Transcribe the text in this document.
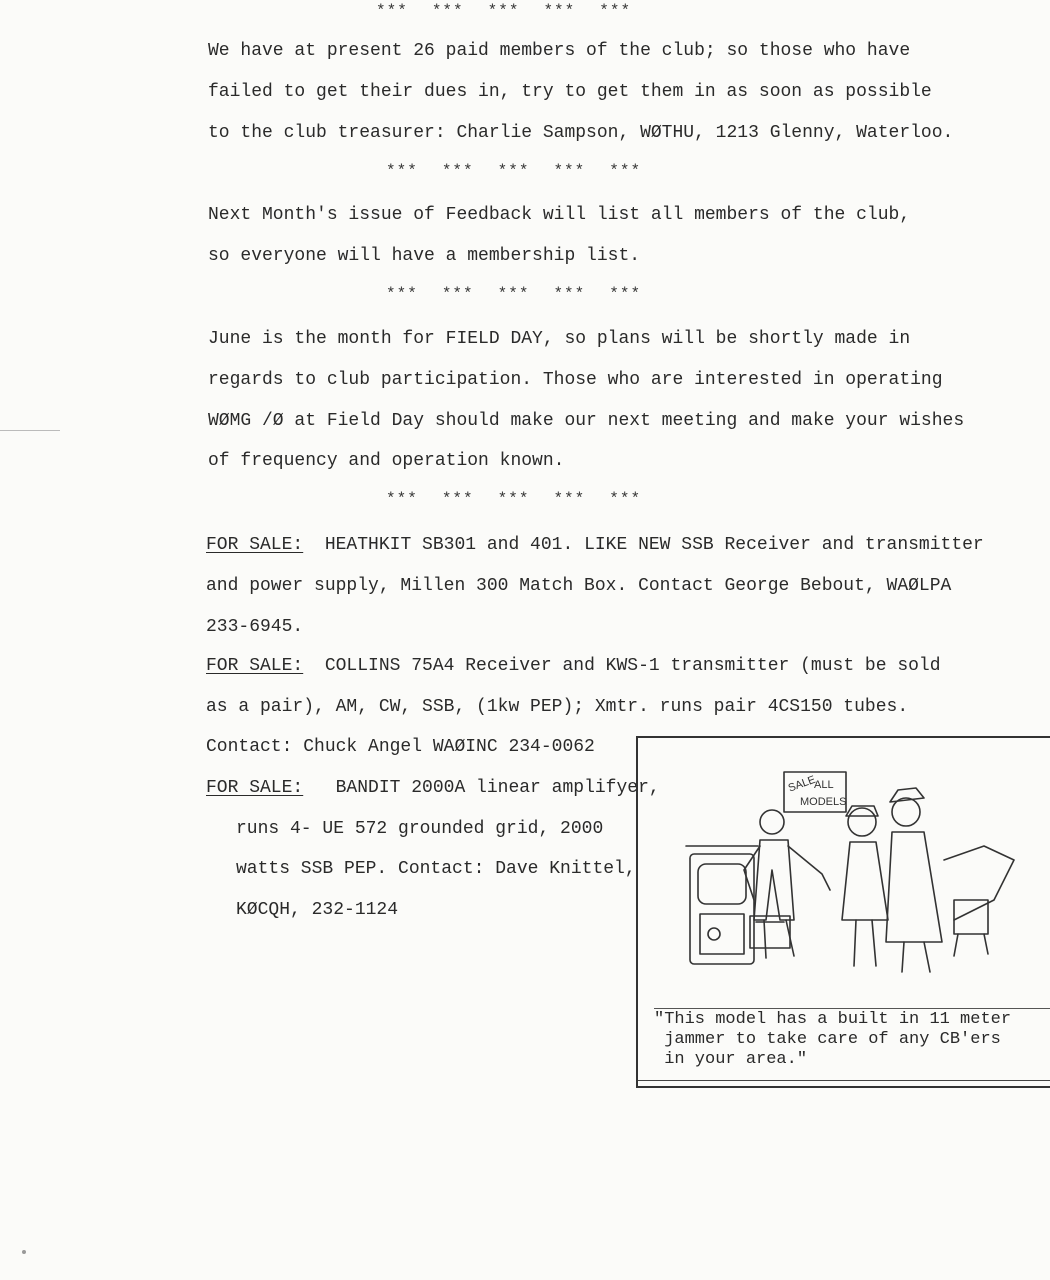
*** *** *** *** ***
We have at present 26 paid members of the club; so those who have
failed to get their dues in, try to get them in as soon as possible
to the club treasurer: Charlie Sampson, WØTHU, 1213 Glenny, Waterloo.
*** *** *** *** ***
Next Month's issue of Feedback will list all members of the club,
so everyone will have a membership list.
*** *** *** *** ***
June is the month for FIELD DAY, so plans will be shortly made in
regards to club participation. Those who are interested in operating
WØMG /Ø at Field Day should make our next meeting and make your wishes
of frequency and operation known.
*** *** *** *** ***
FOR SALE: HEATHKIT SB301 and 401. LIKE NEW SSB Receiver and transmitter
and power supply, Millen 300 Match Box. Contact George Bebout, WAØLPA
233-6945.
FOR SALE: COLLINS 75A4 Receiver and KWS-1 transmitter (must be sold
as a pair), AM, CW, SSB, (1kw PEP); Xmtr. runs pair 4CS150 tubes.
Contact: Chuck Angel WAØINC 234-0062
FOR SALE: BANDIT 2000A linear amplifyer,
runs 4- UE 572 grounded grid, 2000
watts SSB PEP. Contact: Dave Knittel,
KØCQH, 232-1124
SALE
ALL
MODELS
"This model has a built in 11 meter
jammer to take care of any CB'ers
in your area."
